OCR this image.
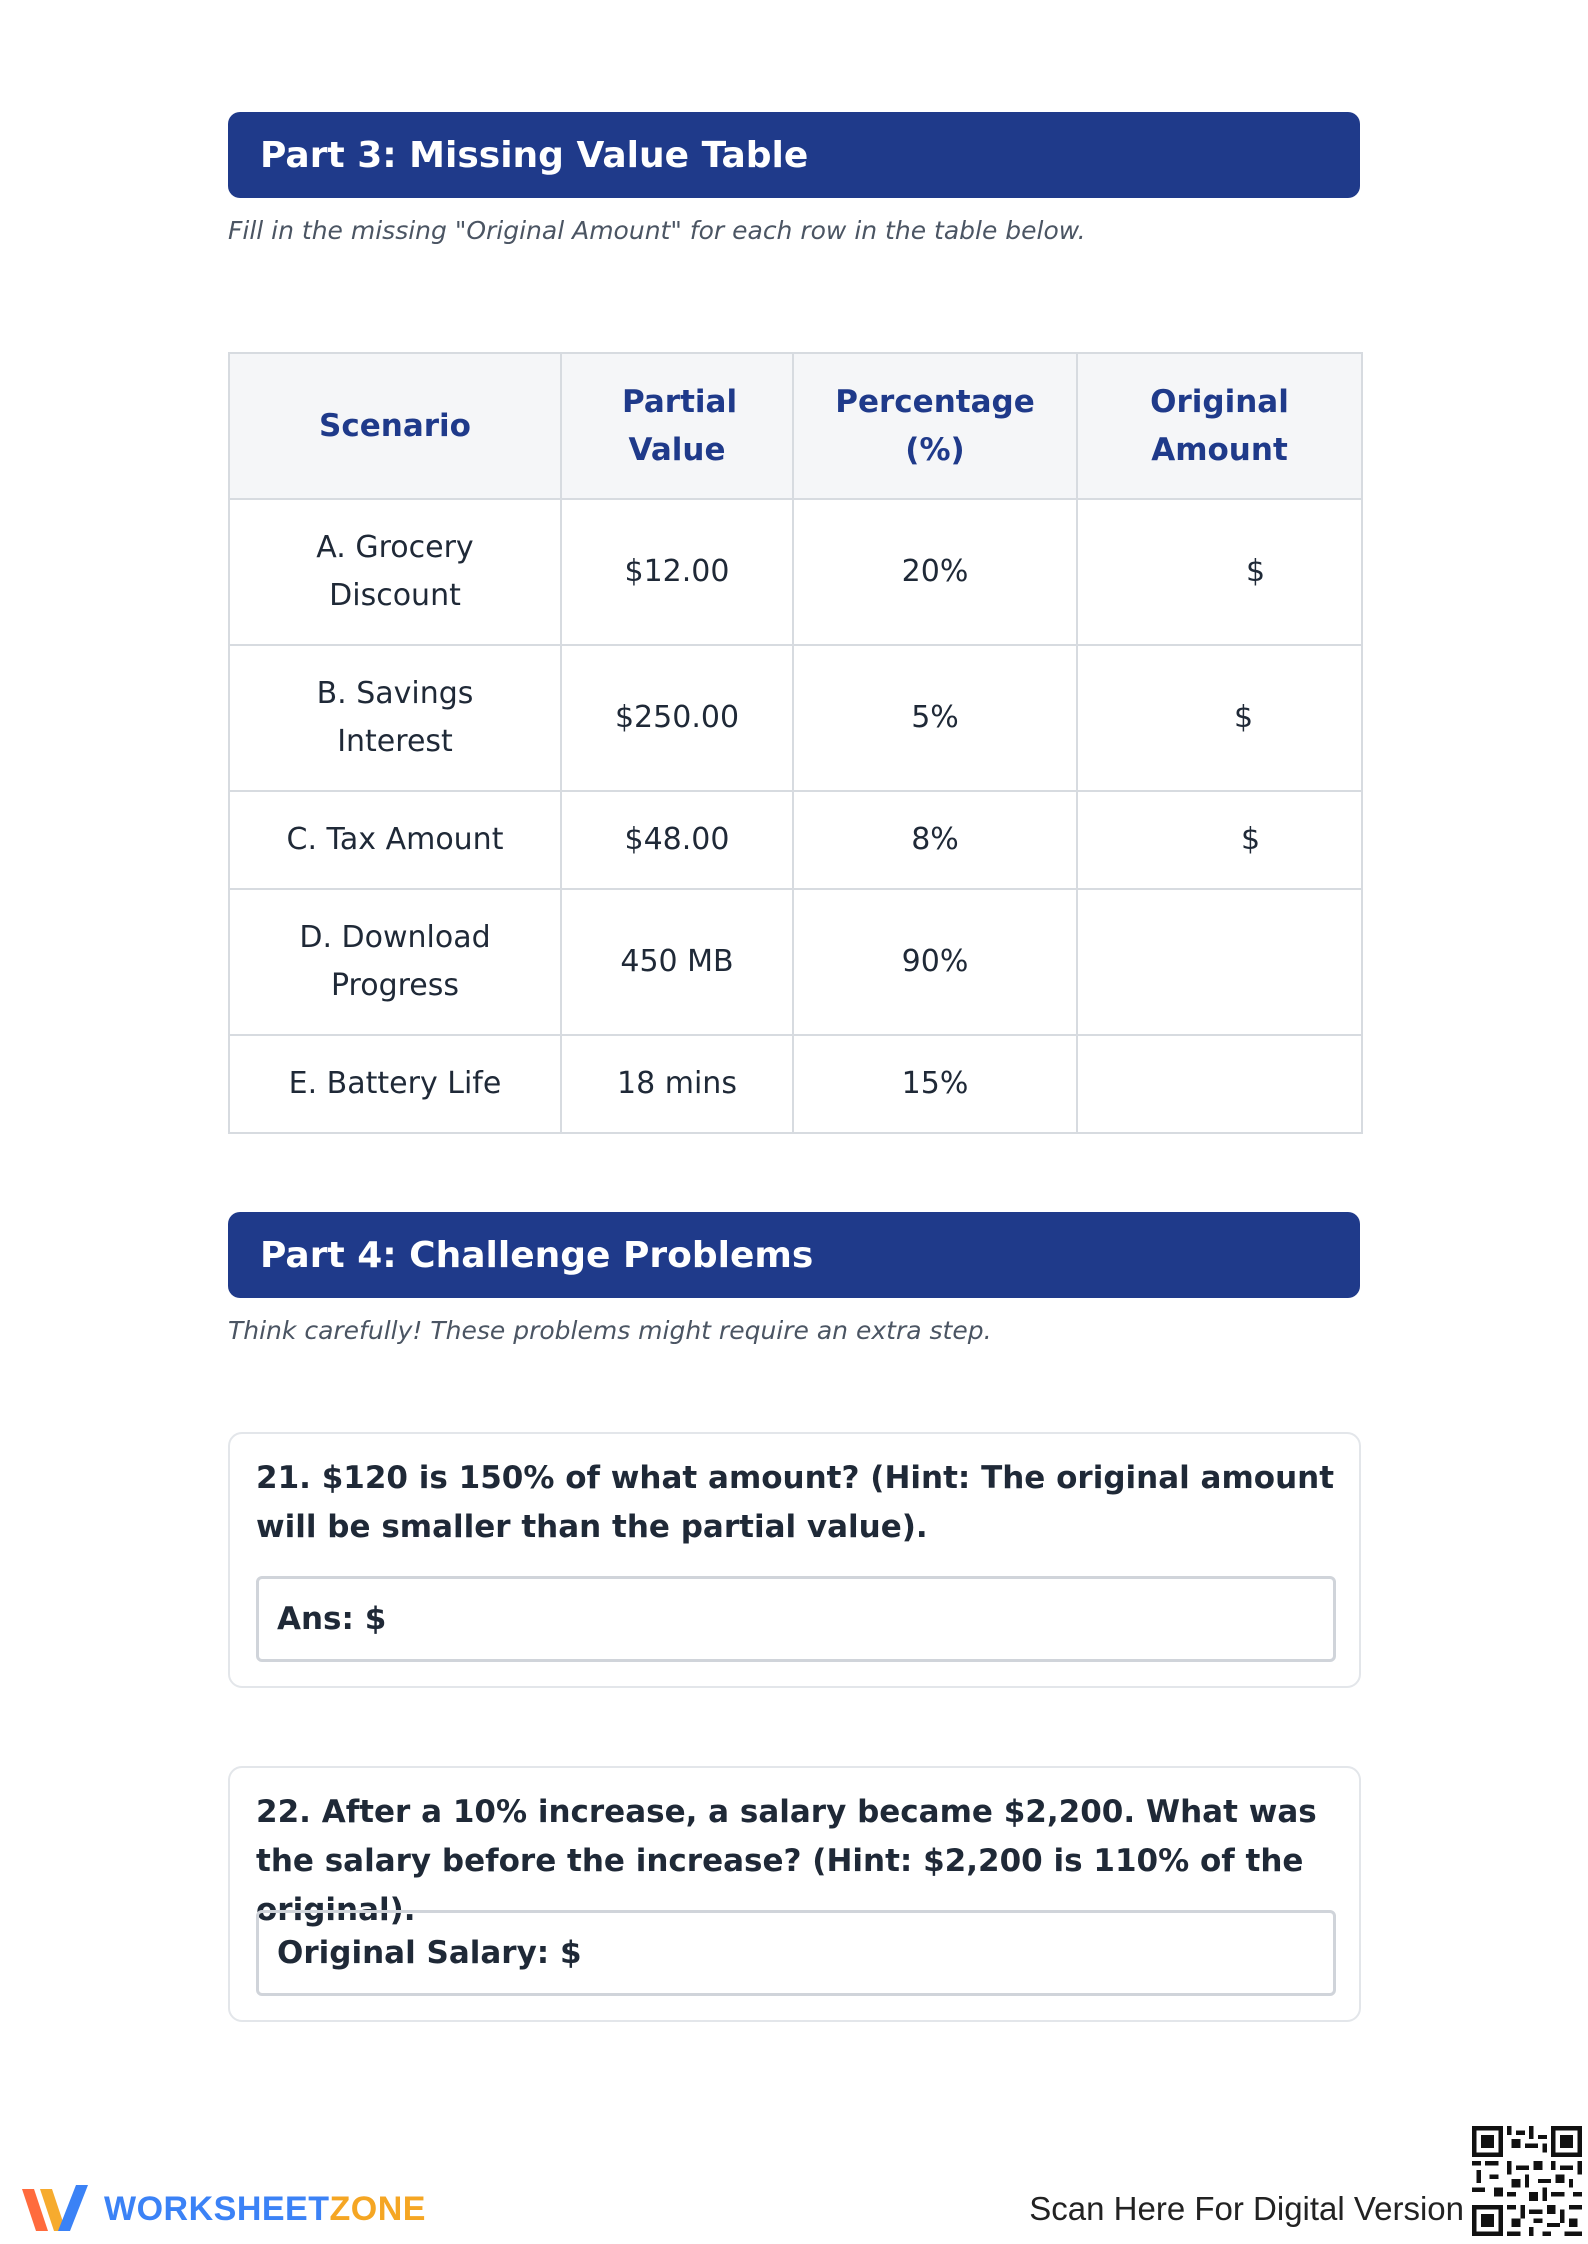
Part 3: Missing Value Table
Fill in the missing "Original Amount" for each row in the table below.
Scenario	Partial Value	Percentage (%)	Original Amount
A. Grocery Discount	$12.00	20%	$
B. Savings Interest	$250.00	5%	$
C. Tax Amount	$48.00	8%	$
D. Download Progress	450 MB	90%	
E. Battery Life	18 mins	15%	
Part 4: Challenge Problems
Think carefully! These problems might require an extra step.
21. $120 is 150% of what amount? (Hint: The original amount will be smaller than the partial value).
Ans: $
22. After a 10% increase, a salary became $2,200. What was the salary before the increase? (Hint: $2,200 is 110% of the original).
Original Salary: $
WORKSHEETZONE	Scan Here For Digital Version
